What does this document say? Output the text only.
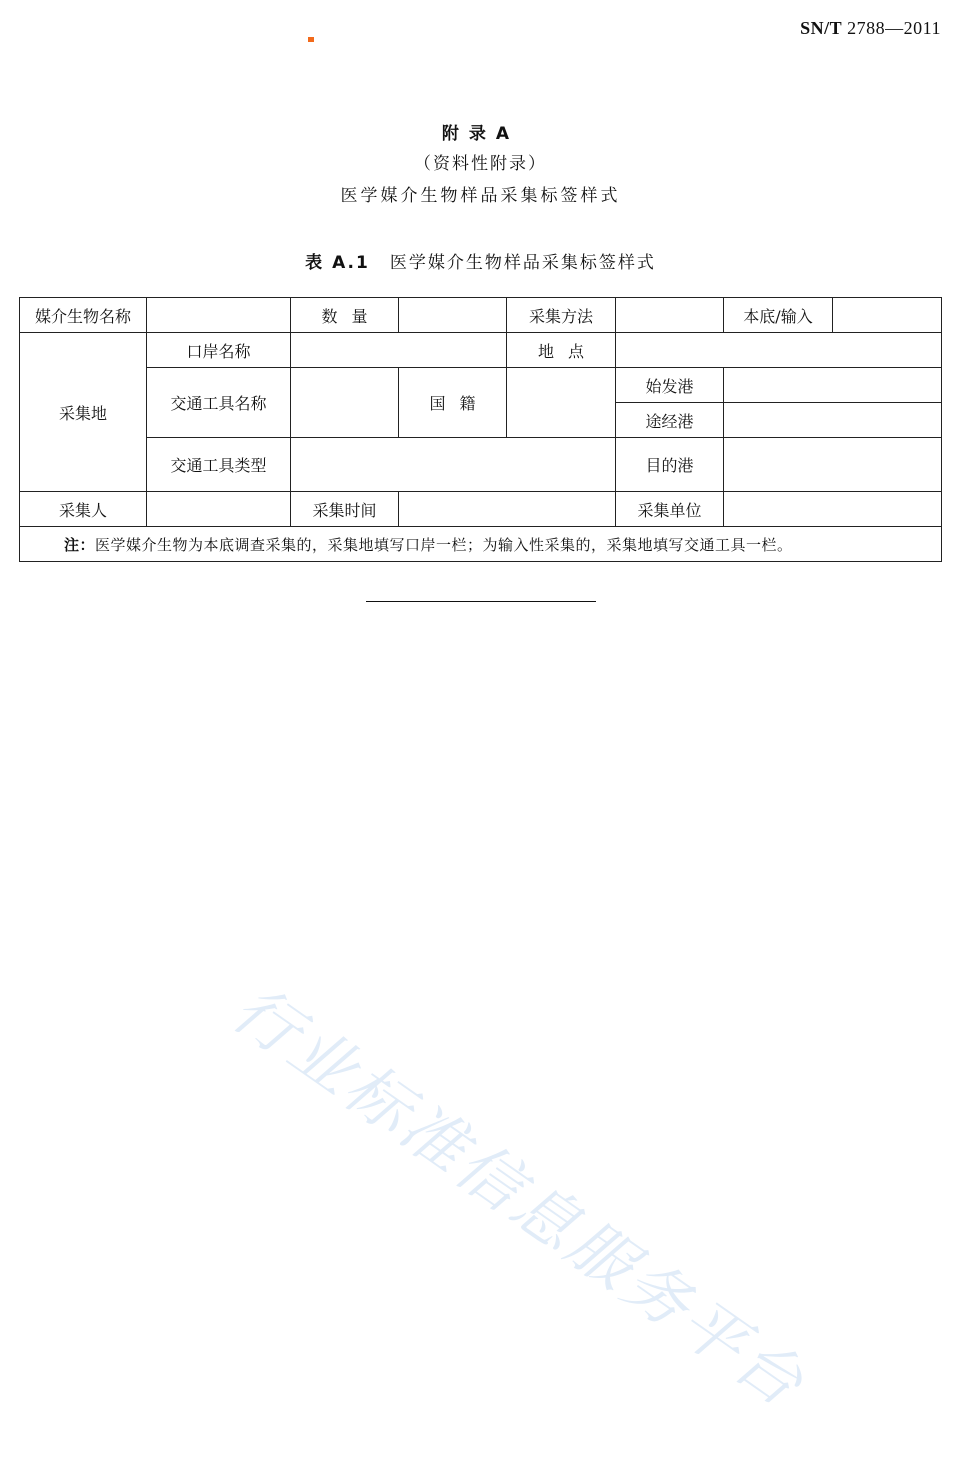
SN/T 2788—2011
附录A
（资料性附录）
医学媒介生物样品采集标签样式
表 A.1 医学媒介生物样品采集标签样式
媒介生物名称		数量		采集方法		本底/输入	
采集地	口岸名称			地点			
	交通工具名称		国籍		始发港		
					途经港		
	交通工具类型				目的港		
采集人		采集时间			采集单位		
注：医学媒介生物为本底调查采集的，采集地填写口岸一栏；为输入性采集的，采集地填写交通工具一栏。							
行业标准信息服务平台
